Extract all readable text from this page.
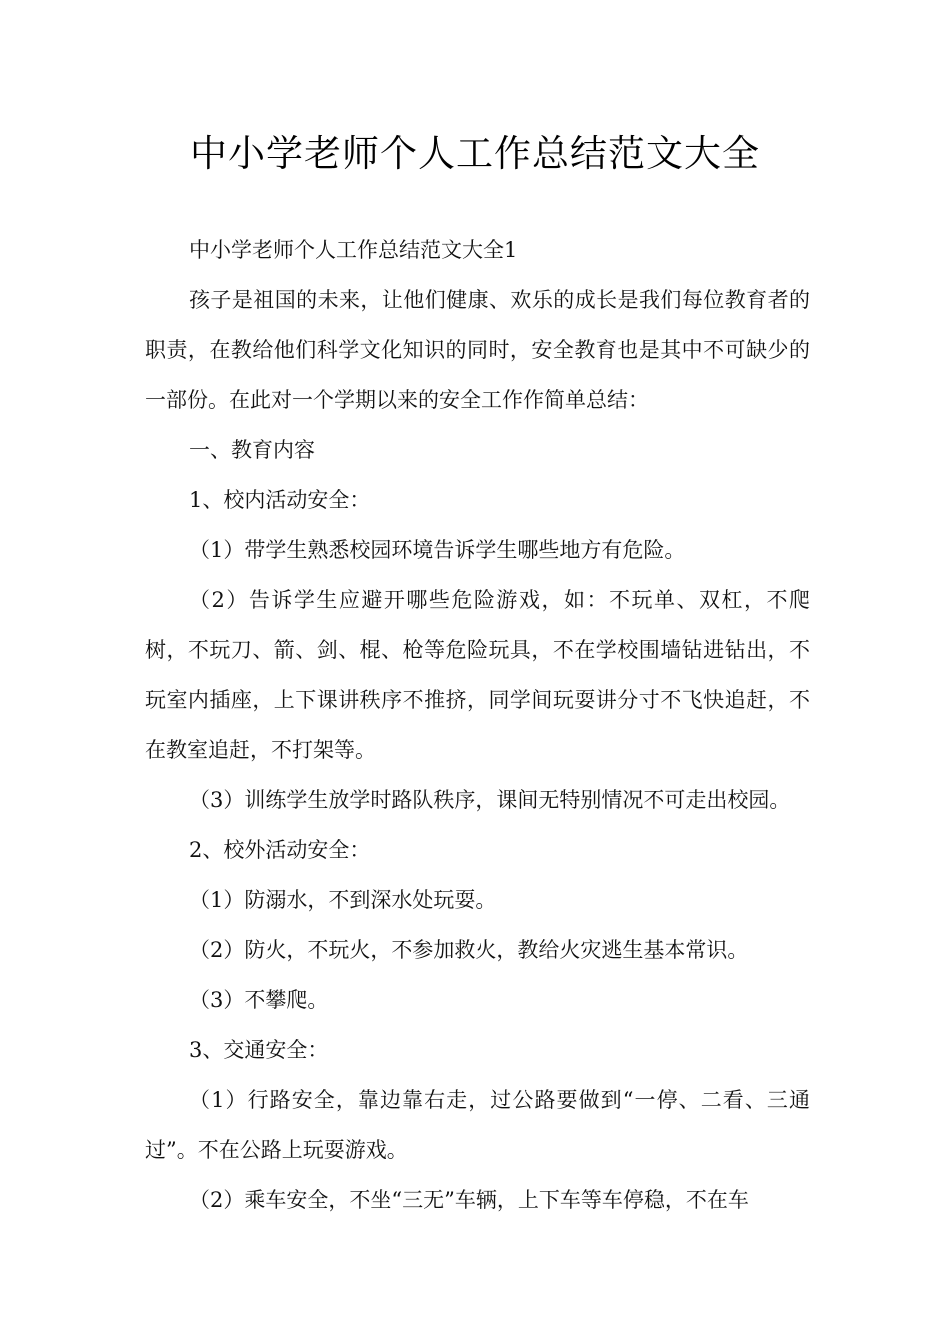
中小学老师个人工作总结范文大全

中小学老师个人工作总结范文大全1

孩子是祖国的未来，让他们健康、欢乐的成长是我们每位教育者的职责，在教给他们科学文化知识的同时，安全教育也是其中不可缺少的一部份。在此对一个学期以来的安全工作作简单总结：

一、教育内容

1、校内活动安全：

（1）带学生熟悉校园环境告诉学生哪些地方有危险。

（2）告诉学生应避开哪些危险游戏，如：不玩单、双杠，不爬树，不玩刀、箭、剑、棍、枪等危险玩具，不在学校围墙钻进钻出，不玩室内插座，上下课讲秩序不推挤，同学间玩耍讲分寸不飞快追赶，不在教室追赶，不打架等。

（3）训练学生放学时路队秩序，课间无特别情况不可走出校园。

2、校外活动安全：

（1）防溺水，不到深水处玩耍。

（2）防火，不玩火，不参加救火，教给火灾逃生基本常识。

（3）不攀爬。

3、交通安全：

（1）行路安全，靠边靠右走，过公路要做到“一停、二看、三通过”。不在公路上玩耍游戏。

（2）乘车安全，不坐“三无”车辆，上下车等车停稳，不在车
